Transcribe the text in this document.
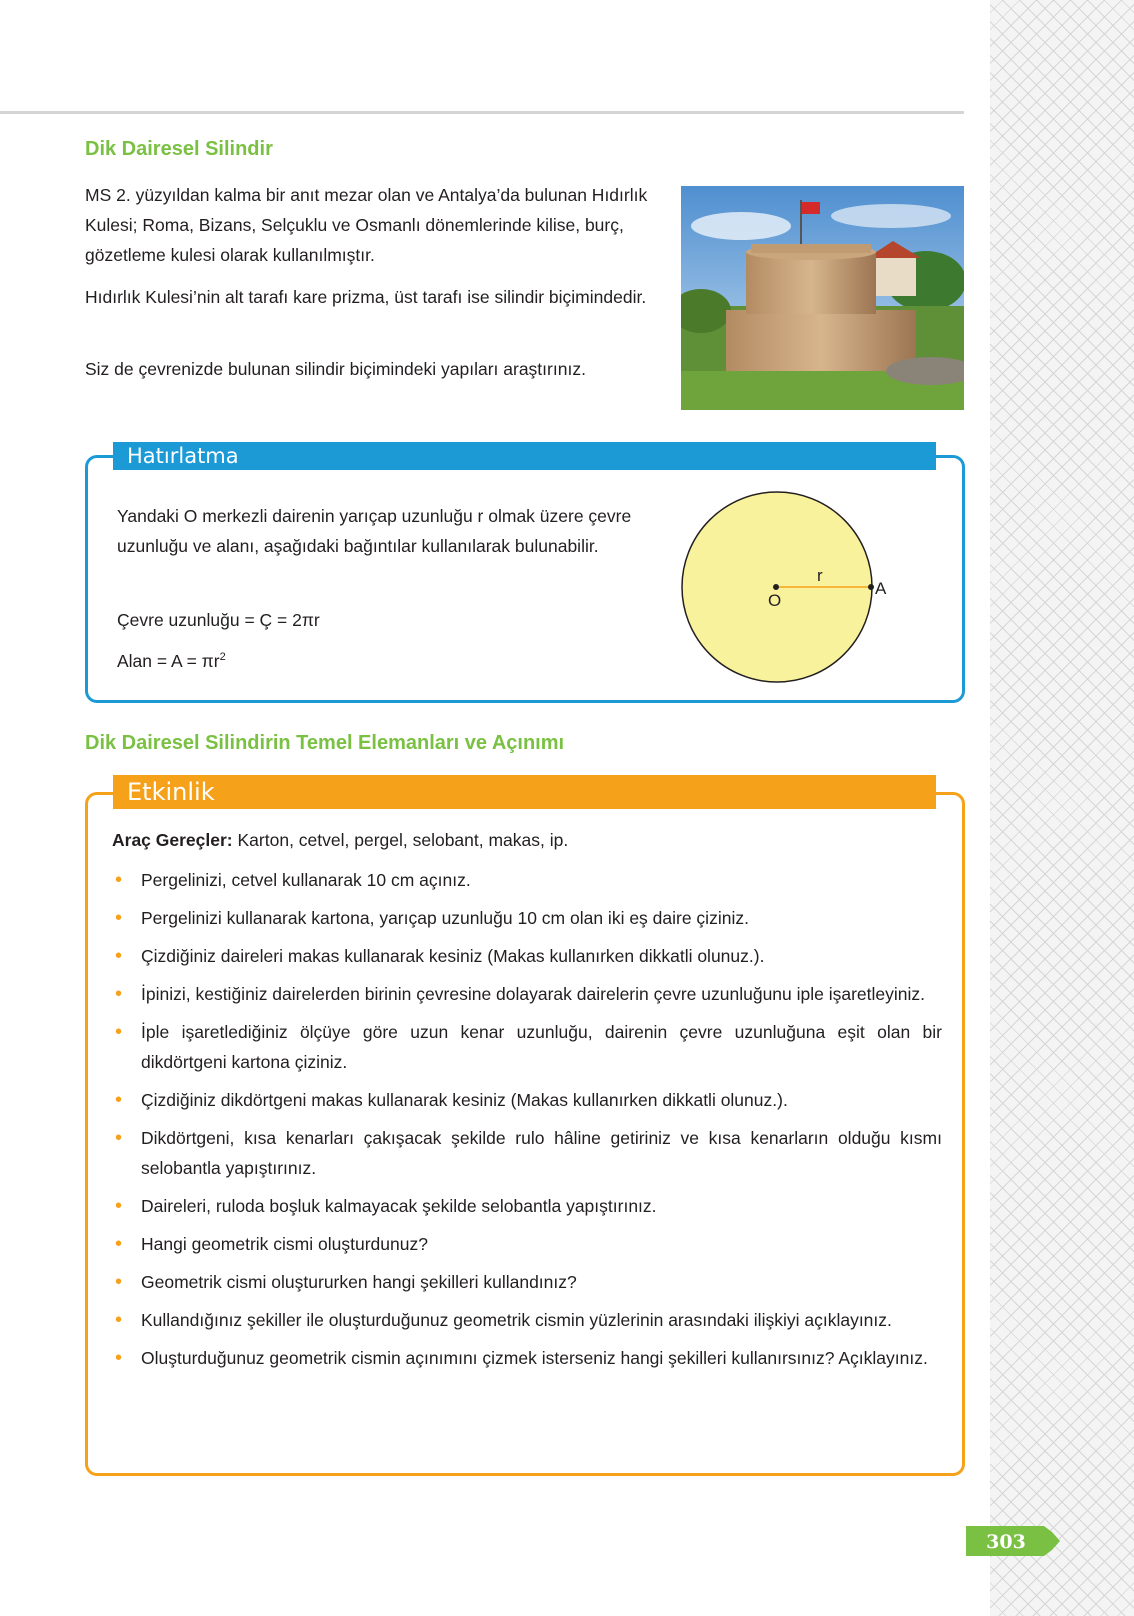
Dik Dairesel Silindir

MS 2. yüzyıldan kalma bir anıt mezar olan ve Antalya’da bulunan Hıdırlık Kulesi; Roma, Bizans, Selçuklu ve Osmanlı dönemlerinde kilise, burç, gözetleme kulesi olarak kullanılmıştır.

Hıdırlık Kulesi’nin alt tarafı kare prizma, üst tarafı ise silindir biçimindedir.

Siz de çevrenizde bulunan silindir biçimindeki yapıları araştırınız.

Hatırlatma

Yandaki O merkezli dairenin yarıçap uzunluğu r olmak üzere çevre uzunluğu ve alanı, aşağıdaki bağıntılar kullanılarak bulunabilir.

Çevre uzunluğu = Ç = 2πr
Alan = $A = \pi r^2$
O
r
A
Dik Dairesel Silindirin Temel Elemanları ve Açınımı
Etkinlik

Araç Gereçler: Karton, cetvel, pergel, selobant, makas, ip.

• Pergelinizi, cetvel kullanarak 10 cm açınız.
• Pergelinizi kullanarak kartona, yarıçap uzunluğu 10 cm olan iki eş daire çiziniz.
• Çizdiğiniz daireleri makas kullanarak kesiniz (Makas kullanırken dikkatli olunuz.).
• İpinizi, kestiğiniz dairelerden birinin çevresine dolayarak dairelerin çevre uzunluğunu iple işaretleyiniz.
• İple işaretlediğiniz ölçüye göre uzun kenar uzunluğu, dairenin çevre uzunluğuna eşit olan bir dikdörtgeni kartona çiziniz.
• Çizdiğiniz dikdörtgeni makas kullanarak kesiniz (Makas kullanırken dikkatli olunuz.).
• Dikdörtgeni, kısa kenarları çakışacak şekilde rulo hâline getiriniz ve kısa kenarların olduğu kısmı selobantla yapıştırınız.
• Daireleri, ruloda boşluk kalmayacak şekilde selobantla yapıştırınız.
• Hangi geometrik cismi oluşturdunuz?
• Geometrik cismi oluştururken hangi şekilleri kullandınız?
• Kullandığınız şekiller ile oluşturduğunuz geometrik cismin yüzlerinin arasındaki ilişkiyi açıklayınız.
• Oluşturduğunuz geometrik cismin açınımını çizmek isterseniz hangi şekilleri kullanırsınız? Açıklayınız.
303
